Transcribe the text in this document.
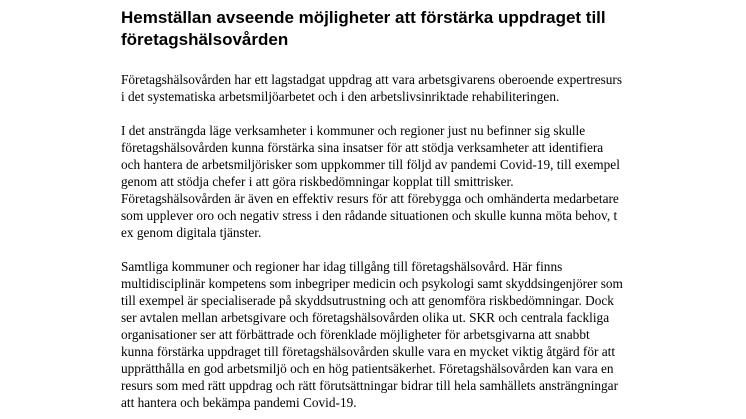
Hemställan avseende möjligheter att förstärka uppdraget till
företagshälsovården

Företagshälsovården har ett lagstadgat uppdrag att vara arbetsgivarens oberoende expertresurs
i det systematiska arbetsmiljöarbetet och i den arbetslivsinriktade rehabiliteringen.

I det ansträngda läge verksamheter i kommuner och regioner just nu befinner sig skulle
företagshälsovården kunna förstärka sina insatser för att stödja verksamheter att identifiera
och hantera de arbetsmiljörisker som uppkommer till följd av pandemi Covid-19, till exempel
genom att stödja chefer i att göra riskbedömningar kopplat till smittrisker.
Företagshälsovården är även en effektiv resurs för att förebygga och omhänderta medarbetare
som upplever oro och negativ stress i den rådande situationen och skulle kunna möta behov, t
ex genom digitala tjänster.

Samtliga kommuner och regioner har idag tillgång till företagshälsovård. Här finns
multidisciplinär kompetens som inbegriper medicin och psykologi samt skyddsingenjörer som
till exempel är specialiserade på skyddsutrustning och att genomföra riskbedömningar. Dock
ser avtalen mellan arbetsgivare och företagshälsovården olika ut. SKR och centrala fackliga
organisationer ser att förbättrade och förenklade möjligheter för arbetsgivarna att snabbt
kunna förstärka uppdraget till företagshälsovården skulle vara en mycket viktig åtgärd för att
upprätthålla en god arbetsmiljö och en hög patientsäkerhet. Företagshälsovården kan vara en
resurs som med rätt uppdrag och rätt förutsättningar bidrar till hela samhällets ansträngningar
att hantera och bekämpa pandemi Covid-19.
